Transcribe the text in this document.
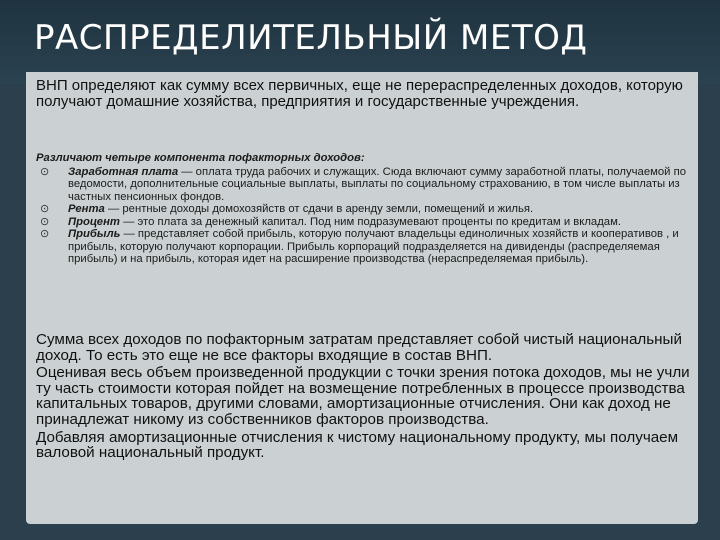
РАСПРЕДЕЛИТЕЛЬНЫЙ МЕТОД
ВНП определяют как сумму всех первичных, еще не перераспределенных доходов, которую получают домашние хозяйства, предприятия и государственные учреждения.
Различают четыре компонента пофакторных доходов:
⊙ Заработная плата — оплата труда рабочих и служащих. Сюда включают сумму заработной платы, получаемой по ведомости, дополнительные социальные выплаты, выплаты по социальному страхованию, в том числе выплаты из частных пенсионных фондов.
⊙ Рента — рентные доходы домохозяйств от сдачи в аренду земли, помещений и жилья.
⊙ Процент — это плата за денежный капитал. Под ним подразумевают проценты по кредитам и вкладам.
⊙ Прибыль — представляет собой прибыль, которую получают владельцы единоличных хозяйств и кооперативов , и прибыль, которую получают корпорации. Прибыль корпораций подразделяется на дивиденды (распределяемая прибыль) и на прибыль, которая идет на расширение производства (нераспределяемая прибыль).

Сумма всех доходов по пофакторным затратам представляет собой чистый национальный доход. То есть это еще не все факторы входящие в состав ВНП.

Оценивая весь объем произведенной продукции с точки зрения потока доходов, мы не учли ту часть стоимости которая пойдет на возмещение потребленных в процессе производства капитальных товаров, другими словами, амортизационные отчисления. Они как доход не принадлежат никому из собственников факторов производства.

Добавляя амортизационные отчисления к чистому национальному продукту, мы получаем валовой национальный продукт.
